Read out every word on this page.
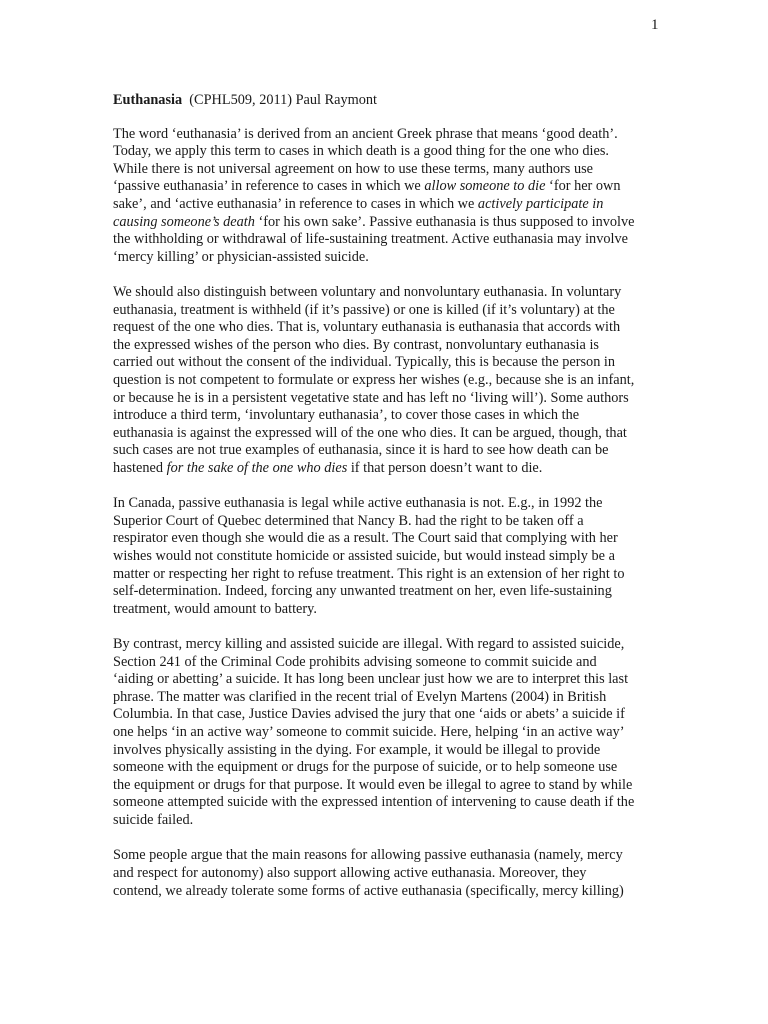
1
Euthanasia (CPHL509, 2011) Paul Raymont

The word ‘euthanasia’ is derived from an ancient Greek phrase that means ‘good death’.
Today, we apply this term to cases in which death is a good thing for the one who dies.
While there is not universal agreement on how to use these terms, many authors use
‘passive euthanasia’ in reference to cases in which we allow someone to die ‘for her own
sake’, and ‘active euthanasia’ in reference to cases in which we actively participate in
causing someone’s death ‘for his own sake’. Passive euthanasia is thus supposed to involve
the withholding or withdrawal of life-sustaining treatment. Active euthanasia may involve
‘mercy killing’ or physician-assisted suicide.

We should also distinguish between voluntary and nonvoluntary euthanasia. In voluntary
euthanasia, treatment is withheld (if it’s passive) or one is killed (if it’s voluntary) at the
request of the one who dies. That is, voluntary euthanasia is euthanasia that accords with
the expressed wishes of the person who dies. By contrast, nonvoluntary euthanasia is
carried out without the consent of the individual. Typically, this is because the person in
question is not competent to formulate or express her wishes (e.g., because she is an infant,
or because he is in a persistent vegetative state and has left no ‘living will’). Some authors
introduce a third term, ‘involuntary euthanasia’, to cover those cases in which the
euthanasia is against the expressed will of the one who dies. It can be argued, though, that
such cases are not true examples of euthanasia, since it is hard to see how death can be
hastened for the sake of the one who dies if that person doesn’t want to die.

In Canada, passive euthanasia is legal while active euthanasia is not. E.g., in 1992 the
Superior Court of Quebec determined that Nancy B. had the right to be taken off a
respirator even though she would die as a result. The Court said that complying with her
wishes would not constitute homicide or assisted suicide, but would instead simply be a
matter or respecting her right to refuse treatment. This right is an extension of her right to
self-determination. Indeed, forcing any unwanted treatment on her, even life-sustaining
treatment, would amount to battery.

By contrast, mercy killing and assisted suicide are illegal. With regard to assisted suicide,
Section 241 of the Criminal Code prohibits advising someone to commit suicide and
‘aiding or abetting’ a suicide. It has long been unclear just how we are to interpret this last
phrase. The matter was clarified in the recent trial of Evelyn Martens (2004) in British
Columbia. In that case, Justice Davies advised the jury that one ‘aids or abets’ a suicide if
one helps ‘in an active way’ someone to commit suicide. Here, helping ‘in an active way’
involves physically assisting in the dying. For example, it would be illegal to provide
someone with the equipment or drugs for the purpose of suicide, or to help someone use
the equipment or drugs for that purpose. It would even be illegal to agree to stand by while
someone attempted suicide with the expressed intention of intervening to cause death if the
suicide failed.

Some people argue that the main reasons for allowing passive euthanasia (namely, mercy
and respect for autonomy) also support allowing active euthanasia. Moreover, they
contend, we already tolerate some forms of active euthanasia (specifically, mercy killing)
